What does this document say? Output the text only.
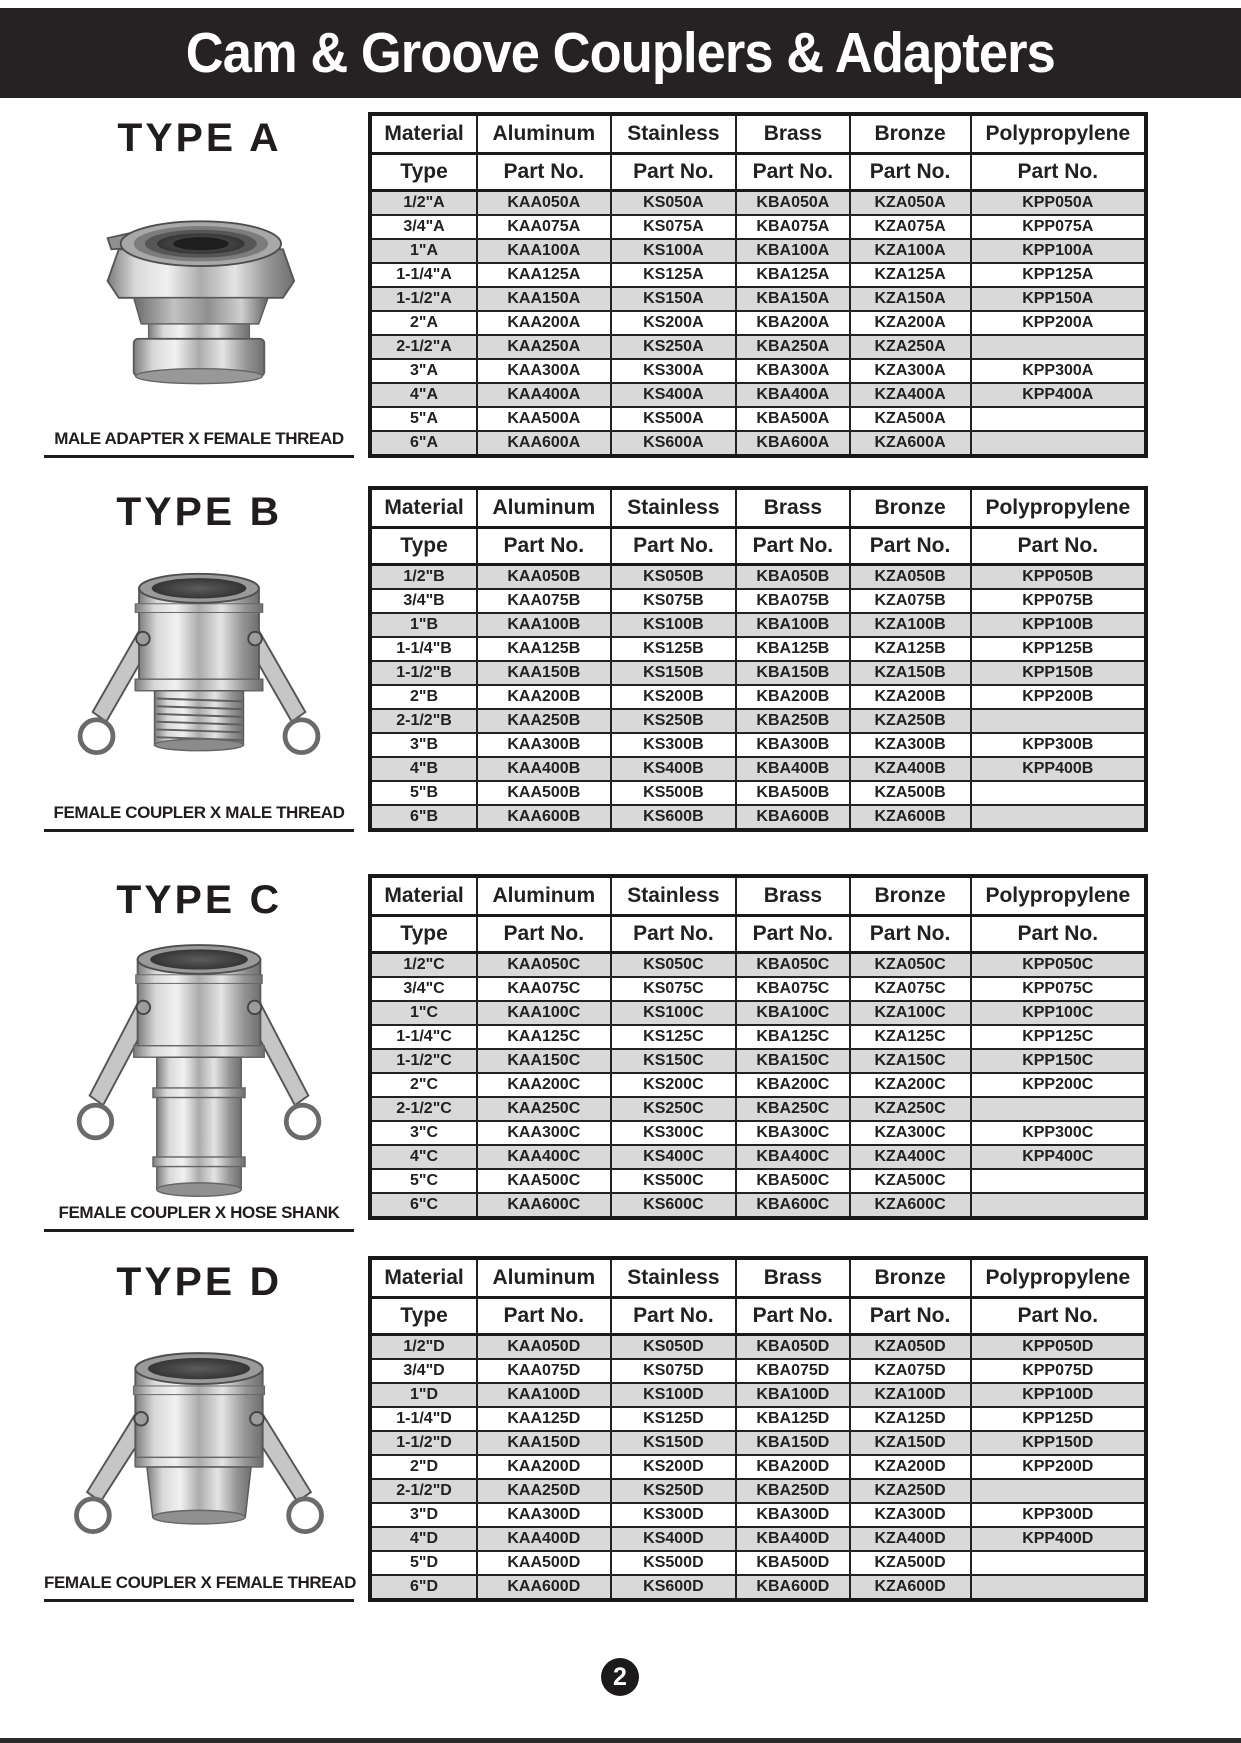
Cam & Groove Couplers & Adapters
TYPE A
MALE ADAPTER X FEMALE THREAD
Material	Aluminum	Stainless	Brass	Bronze	Polypropylene
Type	Part No.	Part No.	Part No.	Part No.	Part No.
1/2"A	KAA050A	KS050A	KBA050A	KZA050A	KPP050A
3/4"A	KAA075A	KS075A	KBA075A	KZA075A	KPP075A
1"A	KAA100A	KS100A	KBA100A	KZA100A	KPP100A
1-1/4"A	KAA125A	KS125A	KBA125A	KZA125A	KPP125A
1-1/2"A	KAA150A	KS150A	KBA150A	KZA150A	KPP150A
2"A	KAA200A	KS200A	KBA200A	KZA200A	KPP200A
2-1/2"A	KAA250A	KS250A	KBA250A	KZA250A	
3"A	KAA300A	KS300A	KBA300A	KZA300A	KPP300A
4"A	KAA400A	KS400A	KBA400A	KZA400A	KPP400A
5"A	KAA500A	KS500A	KBA500A	KZA500A	
6"A	KAA600A	KS600A	KBA600A	KZA600A	
TYPE B
FEMALE COUPLER X MALE THREAD
Material	Aluminum	Stainless	Brass	Bronze	Polypropylene
Type	Part No.	Part No.	Part No.	Part No.	Part No.
1/2"B	KAA050B	KS050B	KBA050B	KZA050B	KPP050B
3/4"B	KAA075B	KS075B	KBA075B	KZA075B	KPP075B
1"B	KAA100B	KS100B	KBA100B	KZA100B	KPP100B
1-1/4"B	KAA125B	KS125B	KBA125B	KZA125B	KPP125B
1-1/2"B	KAA150B	KS150B	KBA150B	KZA150B	KPP150B
2"B	KAA200B	KS200B	KBA200B	KZA200B	KPP200B
2-1/2"B	KAA250B	KS250B	KBA250B	KZA250B	
3"B	KAA300B	KS300B	KBA300B	KZA300B	KPP300B
4"B	KAA400B	KS400B	KBA400B	KZA400B	KPP400B
5"B	KAA500B	KS500B	KBA500B	KZA500B	
6"B	KAA600B	KS600B	KBA600B	KZA600B	
TYPE C
FEMALE COUPLER X HOSE SHANK
Material	Aluminum	Stainless	Brass	Bronze	Polypropylene
Type	Part No.	Part No.	Part No.	Part No.	Part No.
1/2"C	KAA050C	KS050C	KBA050C	KZA050C	KPP050C
3/4"C	KAA075C	KS075C	KBA075C	KZA075C	KPP075C
1"C	KAA100C	KS100C	KBA100C	KZA100C	KPP100C
1-1/4"C	KAA125C	KS125C	KBA125C	KZA125C	KPP125C
1-1/2"C	KAA150C	KS150C	KBA150C	KZA150C	KPP150C
2"C	KAA200C	KS200C	KBA200C	KZA200C	KPP200C
2-1/2"C	KAA250C	KS250C	KBA250C	KZA250C	
3"C	KAA300C	KS300C	KBA300C	KZA300C	KPP300C
4"C	KAA400C	KS400C	KBA400C	KZA400C	KPP400C
5"C	KAA500C	KS500C	KBA500C	KZA500C	
6"C	KAA600C	KS600C	KBA600C	KZA600C	
TYPE D
FEMALE COUPLER X FEMALE THREAD
Material	Aluminum	Stainless	Brass	Bronze	Polypropylene
Type	Part No.	Part No.	Part No.	Part No.	Part No.
1/2"D	KAA050D	KS050D	KBA050D	KZA050D	KPP050D
3/4"D	KAA075D	KS075D	KBA075D	KZA075D	KPP075D
1"D	KAA100D	KS100D	KBA100D	KZA100D	KPP100D
1-1/4"D	KAA125D	KS125D	KBA125D	KZA125D	KPP125D
1-1/2"D	KAA150D	KS150D	KBA150D	KZA150D	KPP150D
2"D	KAA200D	KS200D	KBA200D	KZA200D	KPP200D
2-1/2"D	KAA250D	KS250D	KBA250D	KZA250D	
3"D	KAA300D	KS300D	KBA300D	KZA300D	KPP300D
4"D	KAA400D	KS400D	KBA400D	KZA400D	KPP400D
5"D	KAA500D	KS500D	KBA500D	KZA500D	
6"D	KAA600D	KS600D	KBA600D	KZA600D	
2
